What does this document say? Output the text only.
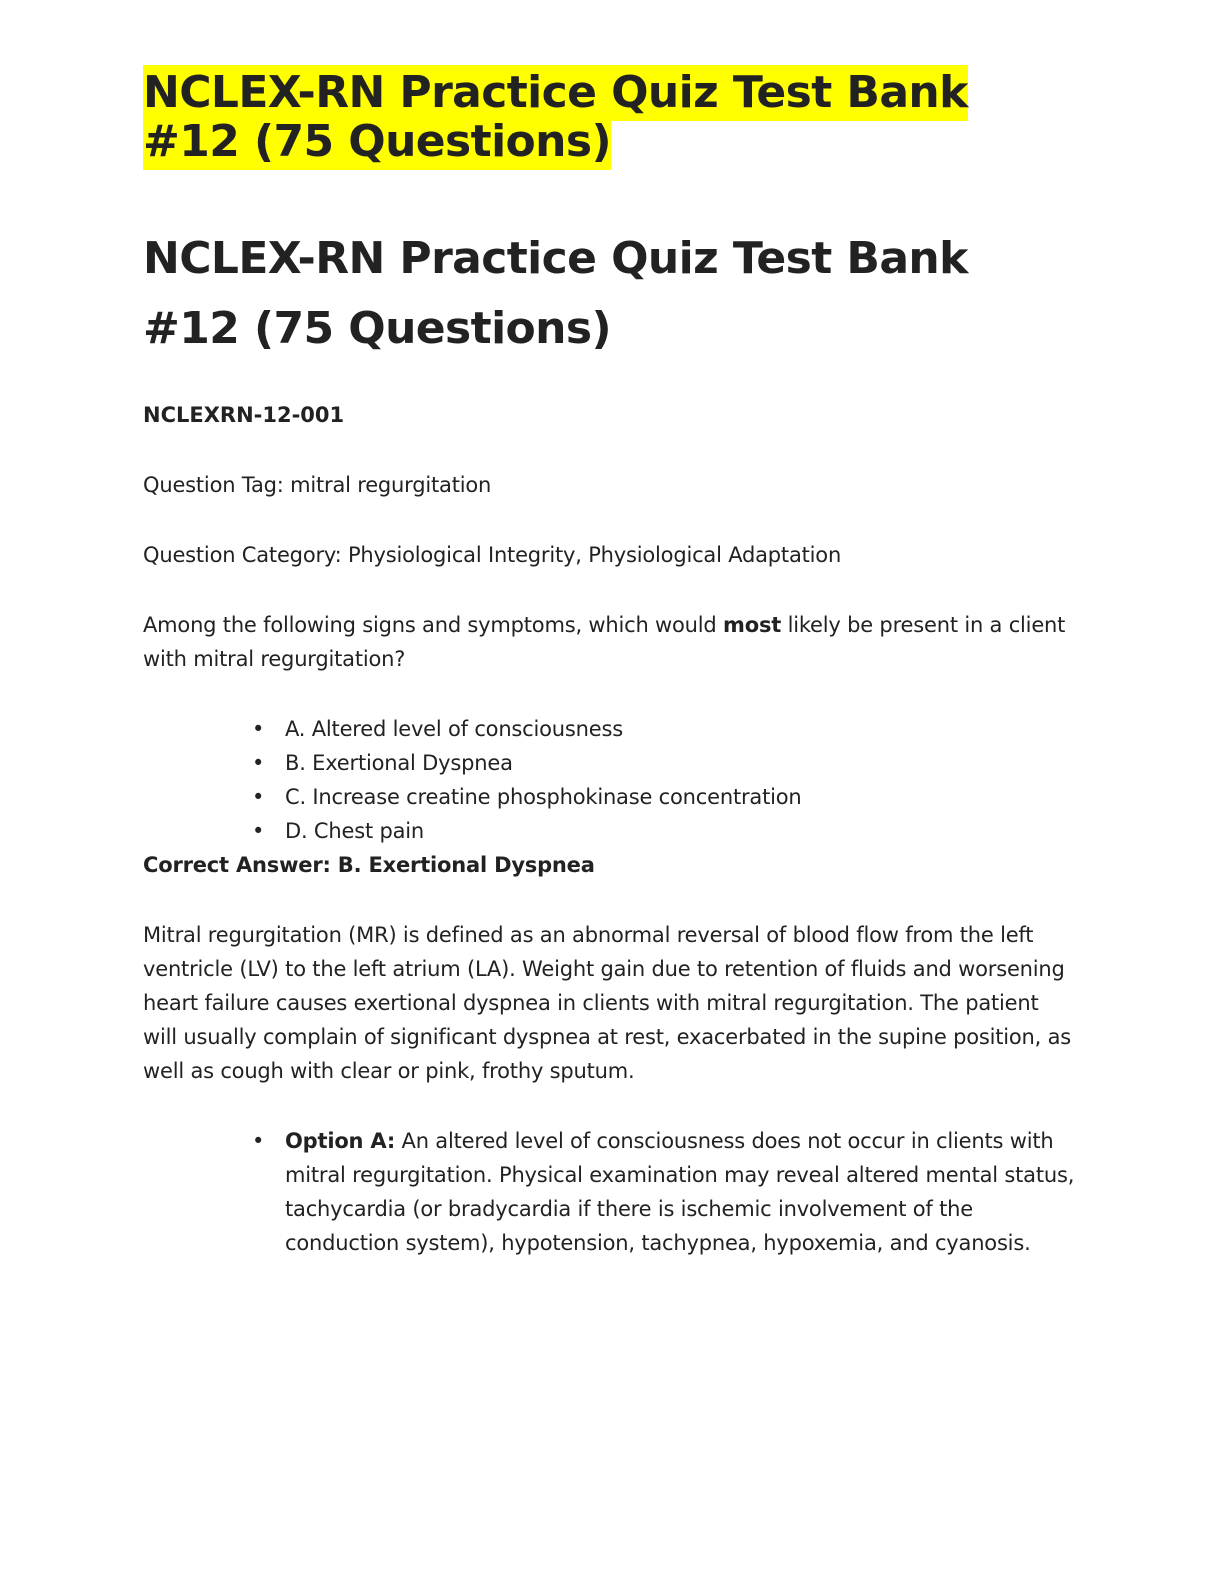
NCLEX-RN Practice Quiz Test Bank #12 (75 Questions)
NCLEX-RN Practice Quiz Test Bank #12 (75 Questions)
NCLEXRN-12-001

Question Tag: mitral regurgitation

Question Category: Physiological Integrity, Physiological Adaptation

Among the following signs and symptoms, which would most likely be present in a client with mitral regurgitation?

• A. Altered level of consciousness
• B. Exertional Dyspnea
• C. Increase creatine phosphokinase concentration
• D. Chest pain
Correct Answer: B. Exertional Dyspnea

Mitral regurgitation (MR) is defined as an abnormal reversal of blood flow from the left ventricle (LV) to the left atrium (LA). Weight gain due to retention of fluids and worsening heart failure causes exertional dyspnea in clients with mitral regurgitation. The patient will usually complain of significant dyspnea at rest, exacerbated in the supine position, as well as cough with clear or pink, frothy sputum.

• Option A: An altered level of consciousness does not occur in clients with mitral regurgitation. Physical examination may reveal altered mental status, tachycardia (or bradycardia if there is ischemic involvement of the conduction system), hypotension, tachypnea, hypoxemia, and cyanosis.
